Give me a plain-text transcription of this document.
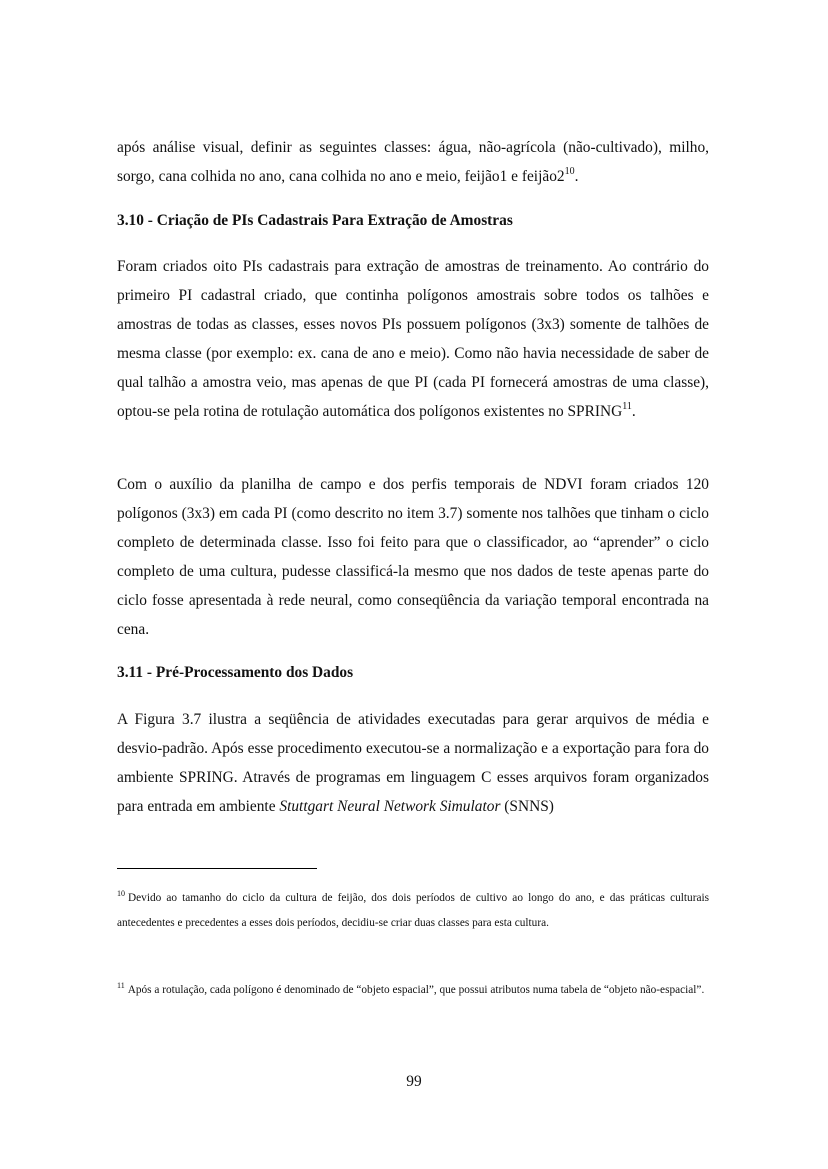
após análise visual, definir as seguintes classes: água, não-agrícola (não-cultivado), milho, sorgo, cana colhida no ano, cana colhida no ano e meio, feijão1 e $feijão2^{10}$.

3.10 - Criação de PIs Cadastrais Para Extração de Amostras

Foram criados oito PIs cadastrais para extração de amostras de treinamento. Ao contrário do primeiro PI cadastral criado, que continha polígonos amostrais sobre todos os talhões e amostras de todas as classes, esses novos PIs possuem polígonos (3x3) somente de talhões de mesma classe (por exemplo: ex. cana de ano e meio). Como não havia necessidade de saber de qual talhão a amostra veio, mas apenas de que PI (cada PI fornecerá amostras de uma classe), optou-se pela rotina de rotulação automática dos polígonos existentes no SPRING$^{11}$.

Com o auxílio da planilha de campo e dos perfis temporais de NDVI foram criados 120 polígonos (3x3) em cada PI (como descrito no item 3.7) somente nos talhões que tinham o ciclo completo de determinada classe. Isso foi feito para que o classificador, ao “aprender” o ciclo completo de uma cultura, pudesse classificá-la mesmo que nos dados de teste apenas parte do ciclo fosse apresentada à rede neural, como conseqüência da variação temporal encontrada na cena.

3.11 - Pré-Processamento dos Dados

A Figura 3.7 ilustra a seqüência de atividades executadas para gerar arquivos de média e desvio-padrão. Após esse procedimento executou-se a normalização e a exportação para fora do ambiente SPRING. Através de programas em linguagem C esses arquivos foram organizados para entrada em ambiente Stuttgart Neural Network Simulator (SNNS)

$^{10}$ Devido ao tamanho do ciclo da cultura de feijão, dos dois períodos de cultivo ao longo do ano, e das práticas culturais antecedentes e precedentes a esses dois períodos, decidiu-se criar duas classes para esta cultura.
$^{11}$ Após a rotulação, cada polígono é denominado de “objeto espacial”, que possui atributos numa tabela de “objeto não-espacial”.
99
